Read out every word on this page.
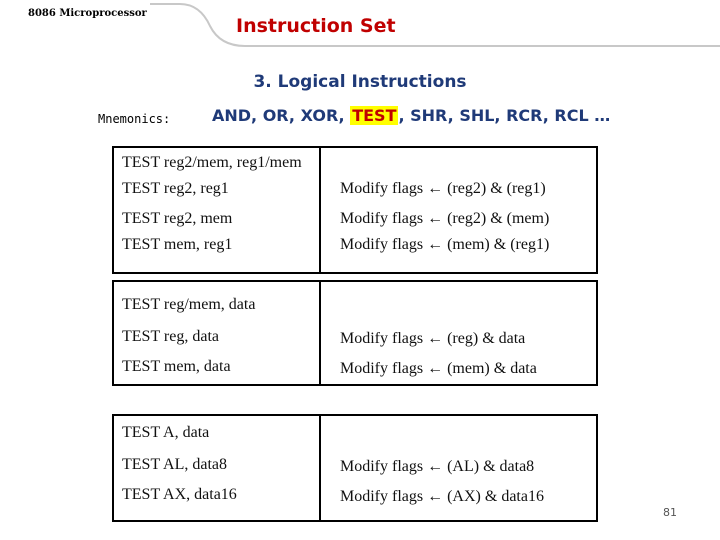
8086 Microprocessor
Instruction Set
3. Logical Instructions
Mnemonics:	AND, OR, XOR, TEST , SHR, SHL, RCR, RCL …
TEST reg2/mem, reg1/mem
TEST reg2, reg1	Modify flags ← (reg2) & (reg1)
TEST reg2, mem	Modify flags ← (reg2) & (mem)
TEST mem, reg1	Modify flags ← (mem) & (reg1)
TEST reg/mem, data
TEST reg, data	Modify flags ← (reg) & data
TEST mem, data	Modify flags ← (mem) & data
TEST A, data
TEST AL, data8	Modify flags ← (AL) & data8
TEST AX, data16	Modify flags ← (AX) & data16
81
